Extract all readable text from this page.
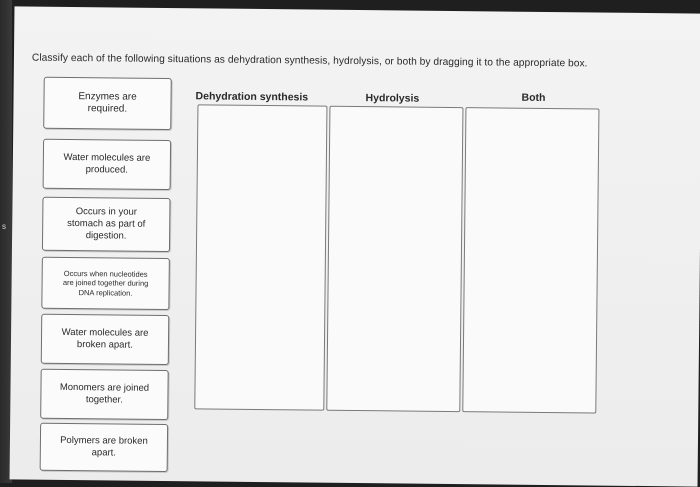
s
Classify each of the following situations as dehydration synthesis, hydrolysis, or both by dragging it to the appropriate box.
Enzymes are
required.
Water molecules are
produced.
Occurs in your
stomach as part of
digestion.
Occurs when nucleotides
are joined together during
DNA replication.
Water molecules are
broken apart.
Monomers are joined
together.
Polymers are broken
apart.
Dehydration synthesis	Hydrolysis	Both
